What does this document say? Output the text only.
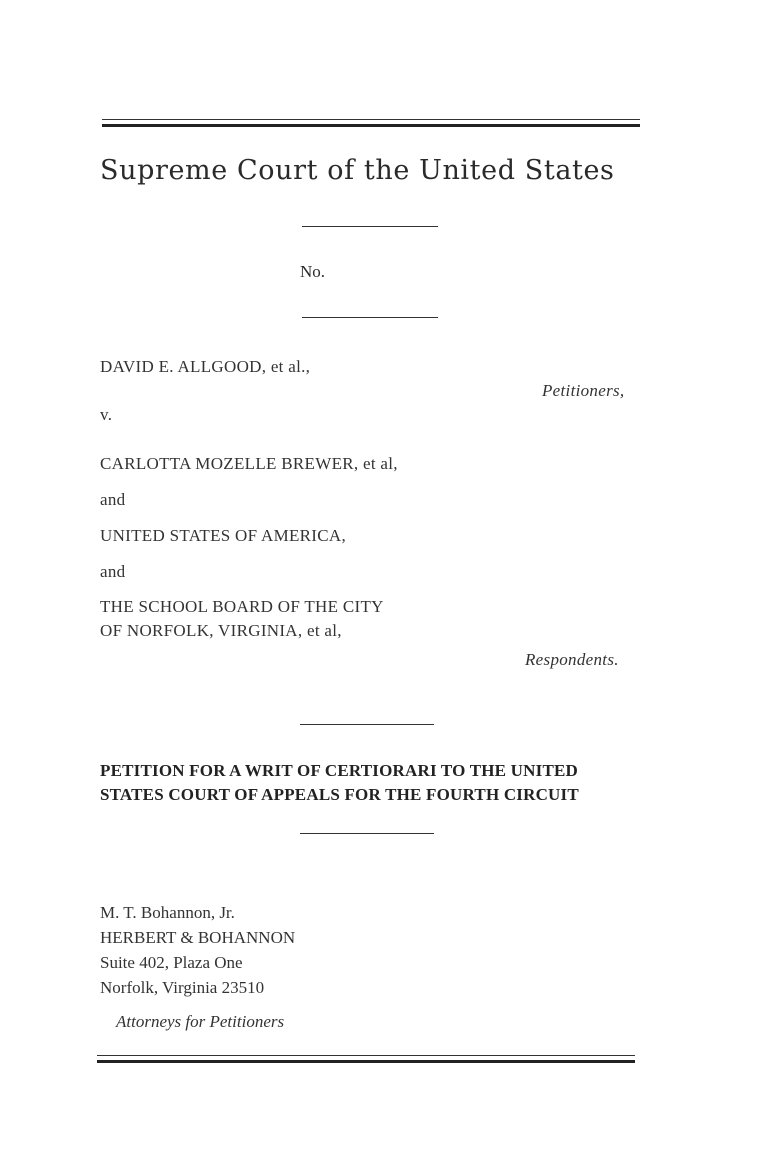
Supreme Court of the United States
No.
DAVID E. ALLGOOD, et al.,
Petitioners,
v.
CARLOTTA MOZELLE BREWER, et al,
and
UNITED STATES OF AMERICA,
and
THE SCHOOL BOARD OF THE CITY
OF NORFOLK, VIRGINIA, et al,
Respondents.
PETITION FOR A WRIT OF CERTIORARI TO THE UNITED
STATES COURT OF APPEALS FOR THE FOURTH CIRCUIT
M. T. Bohannon, Jr.
HERBERT & BOHANNON
Suite 402, Plaza One
Norfolk, Virginia 23510
Attorneys for Petitioners
